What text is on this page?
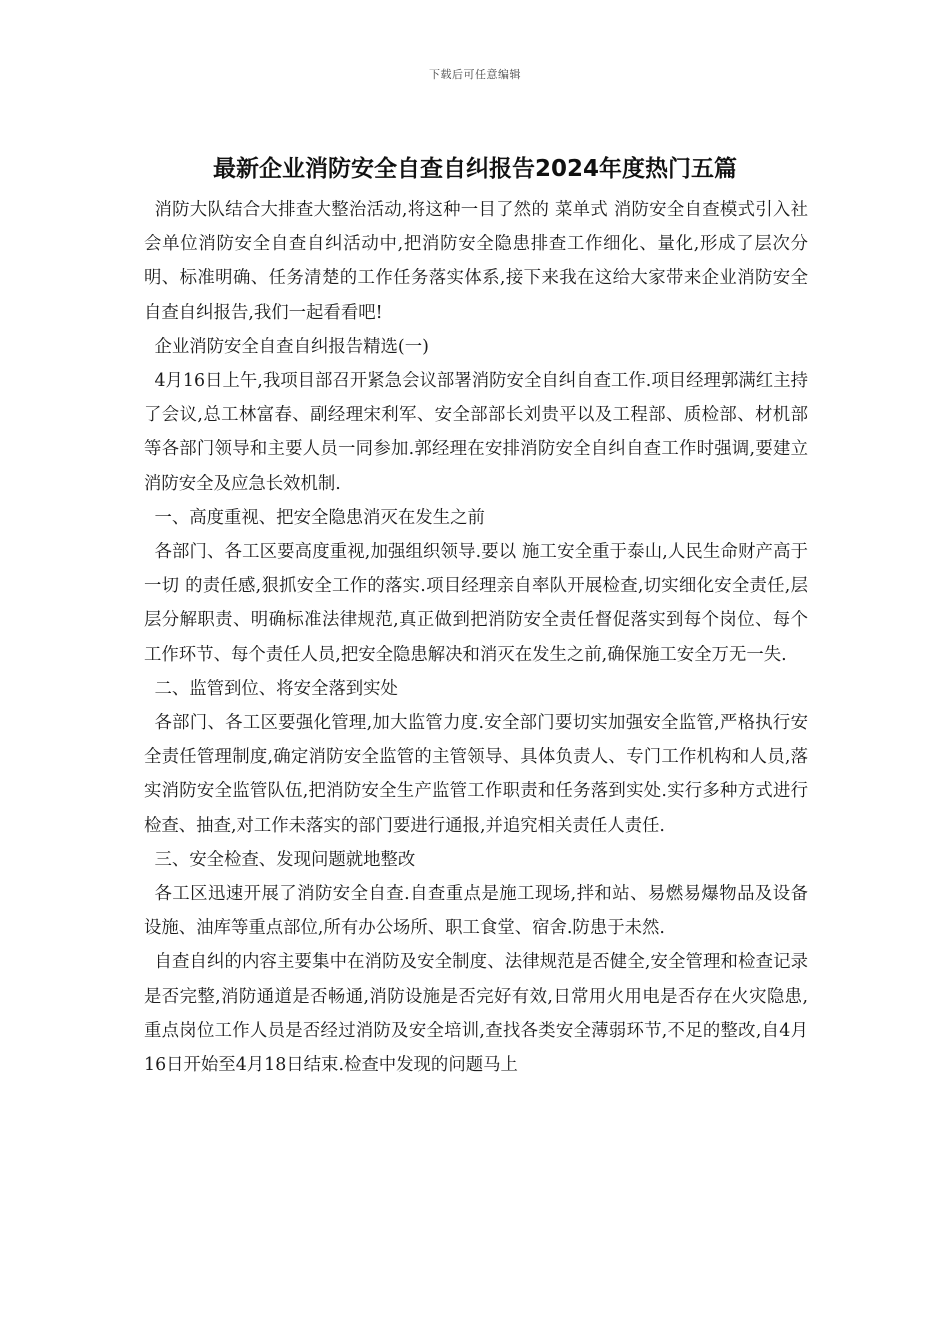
下载后可任意编辑
最新企业消防安全自查自纠报告2024年度热门五篇

消防大队结合大排查大整治活动,将这种一目了然的 菜单式 消防安全自查模式引入社会单位消防安全自查自纠活动中,把消防安全隐患排查工作细化、量化,形成了层次分明、标准明确、任务清楚的工作任务落实体系,接下来我在这给大家带来企业消防安全自查自纠报告,我们一起看看吧!

企业消防安全自查自纠报告精选(一)

4月16日上午,我项目部召开紧急会议部署消防安全自纠自查工作.项目经理郭满红主持了会议,总工林富春、副经理宋利军、安全部部长刘贵平以及工程部、质检部、材机部等各部门领导和主要人员一同参加.郭经理在安排消防安全自纠自查工作时强调,要建立消防安全及应急长效机制.

一、高度重视、把安全隐患消灭在发生之前

各部门、各工区要高度重视,加强组织领导.要以 施工安全重于泰山,人民生命财产高于一切 的责任感,狠抓安全工作的落实.项目经理亲自率队开展检查,切实细化安全责任,层层分解职责、明确标准法律规范,真正做到把消防安全责任督促落实到每个岗位、每个工作环节、每个责任人员,把安全隐患解决和消灭在发生之前,确保施工安全万无一失.

二、监管到位、将安全落到实处

各部门、各工区要强化管理,加大监管力度.安全部门要切实加强安全监管,严格执行安全责任管理制度,确定消防安全监管的主管领导、具体负责人、专门工作机构和人员,落实消防安全监管队伍,把消防安全生产监管工作职责和任务落到实处.实行多种方式进行检查、抽查,对工作未落实的部门要进行通报,并追究相关责任人责任.

三、安全检查、发现问题就地整改

各工区迅速开展了消防安全自查.自查重点是施工现场,拌和站、易燃易爆物品及设备设施、油库等重点部位,所有办公场所、职工食堂、宿舍.防患于未然.

自查自纠的内容主要集中在消防及安全制度、法律规范是否健全,安全管理和检查记录是否完整,消防通道是否畅通,消防设施是否完好有效,日常用火用电是否存在火灾隐患,重点岗位工作人员是否经过消防及安全培训,查找各类安全薄弱环节,不足的整改,自4月16日开始至4月18日结束.检查中发现的问题马上
